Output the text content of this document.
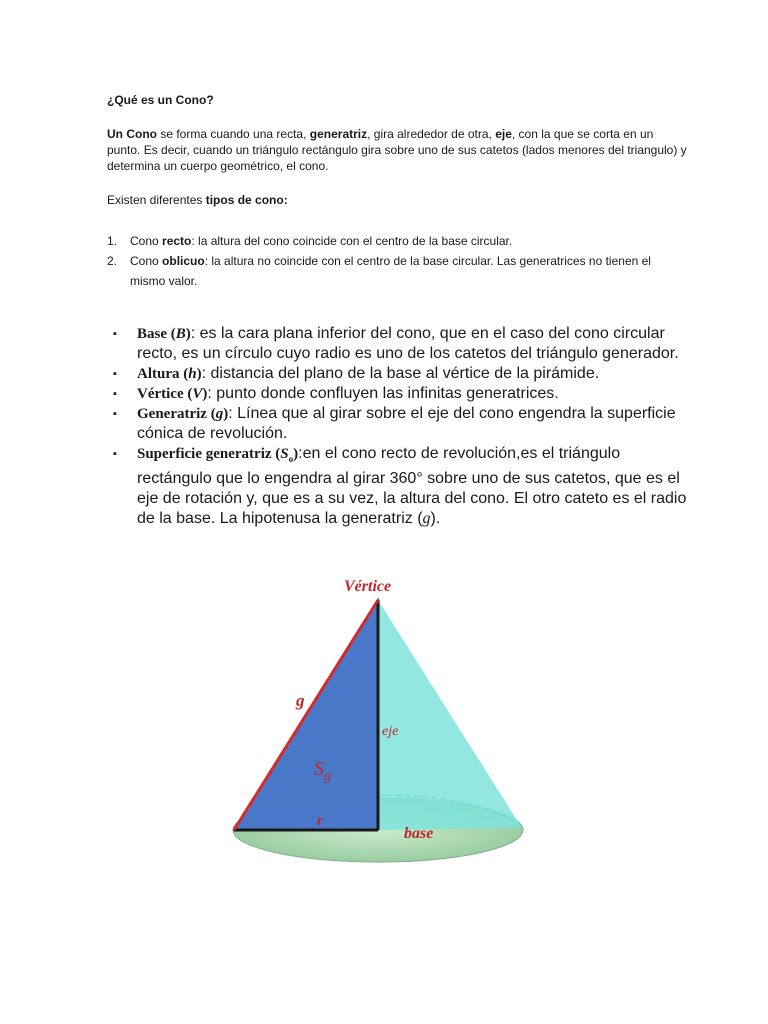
¿Qué es un Cono?

Un Cono se forma cuando una recta, generatriz, gira alrededor de otra, eje, con la que se corta en un punto. Es decir, cuando un triángulo rectángulo gira sobre uno de sus catetos (lados menores del triangulo) y determina un cuerpo geométrico, el cono.

Existen diferentes tipos de cono:

1. Cono recto: la altura del cono coincide con el centro de la base circular.
2. Cono oblicuo: la altura no coincide con el centro de la base circular. Las generatrices no tienen el mismo valor.
▪ Base (B): es la cara plana inferior del cono, que en el caso del cono circular recto, es un círculo cuyo radio es uno de los catetos del triángulo generador.
▪ Altura (h): distancia del plano de la base al vértice de la pirámide.
▪ Vértice (V): punto donde confluyen las infinitas generatrices.
▪ Generatriz (g): Línea que al girar sobre el eje del cono engendra la superficie cónica de revolución.
▪ Superficie generatriz $(S_o):en$ el cono recto de revolución,es el triángulo rectángulo que lo engendra al girar 360° sobre uno de sus catetos, que es el eje de rotación y, que es a su vez, la altura del cono. El otro cateto es el radio de la base. La hipotenusa la generatriz (g).
Vértice
g
eje
$S_g$
r
base
